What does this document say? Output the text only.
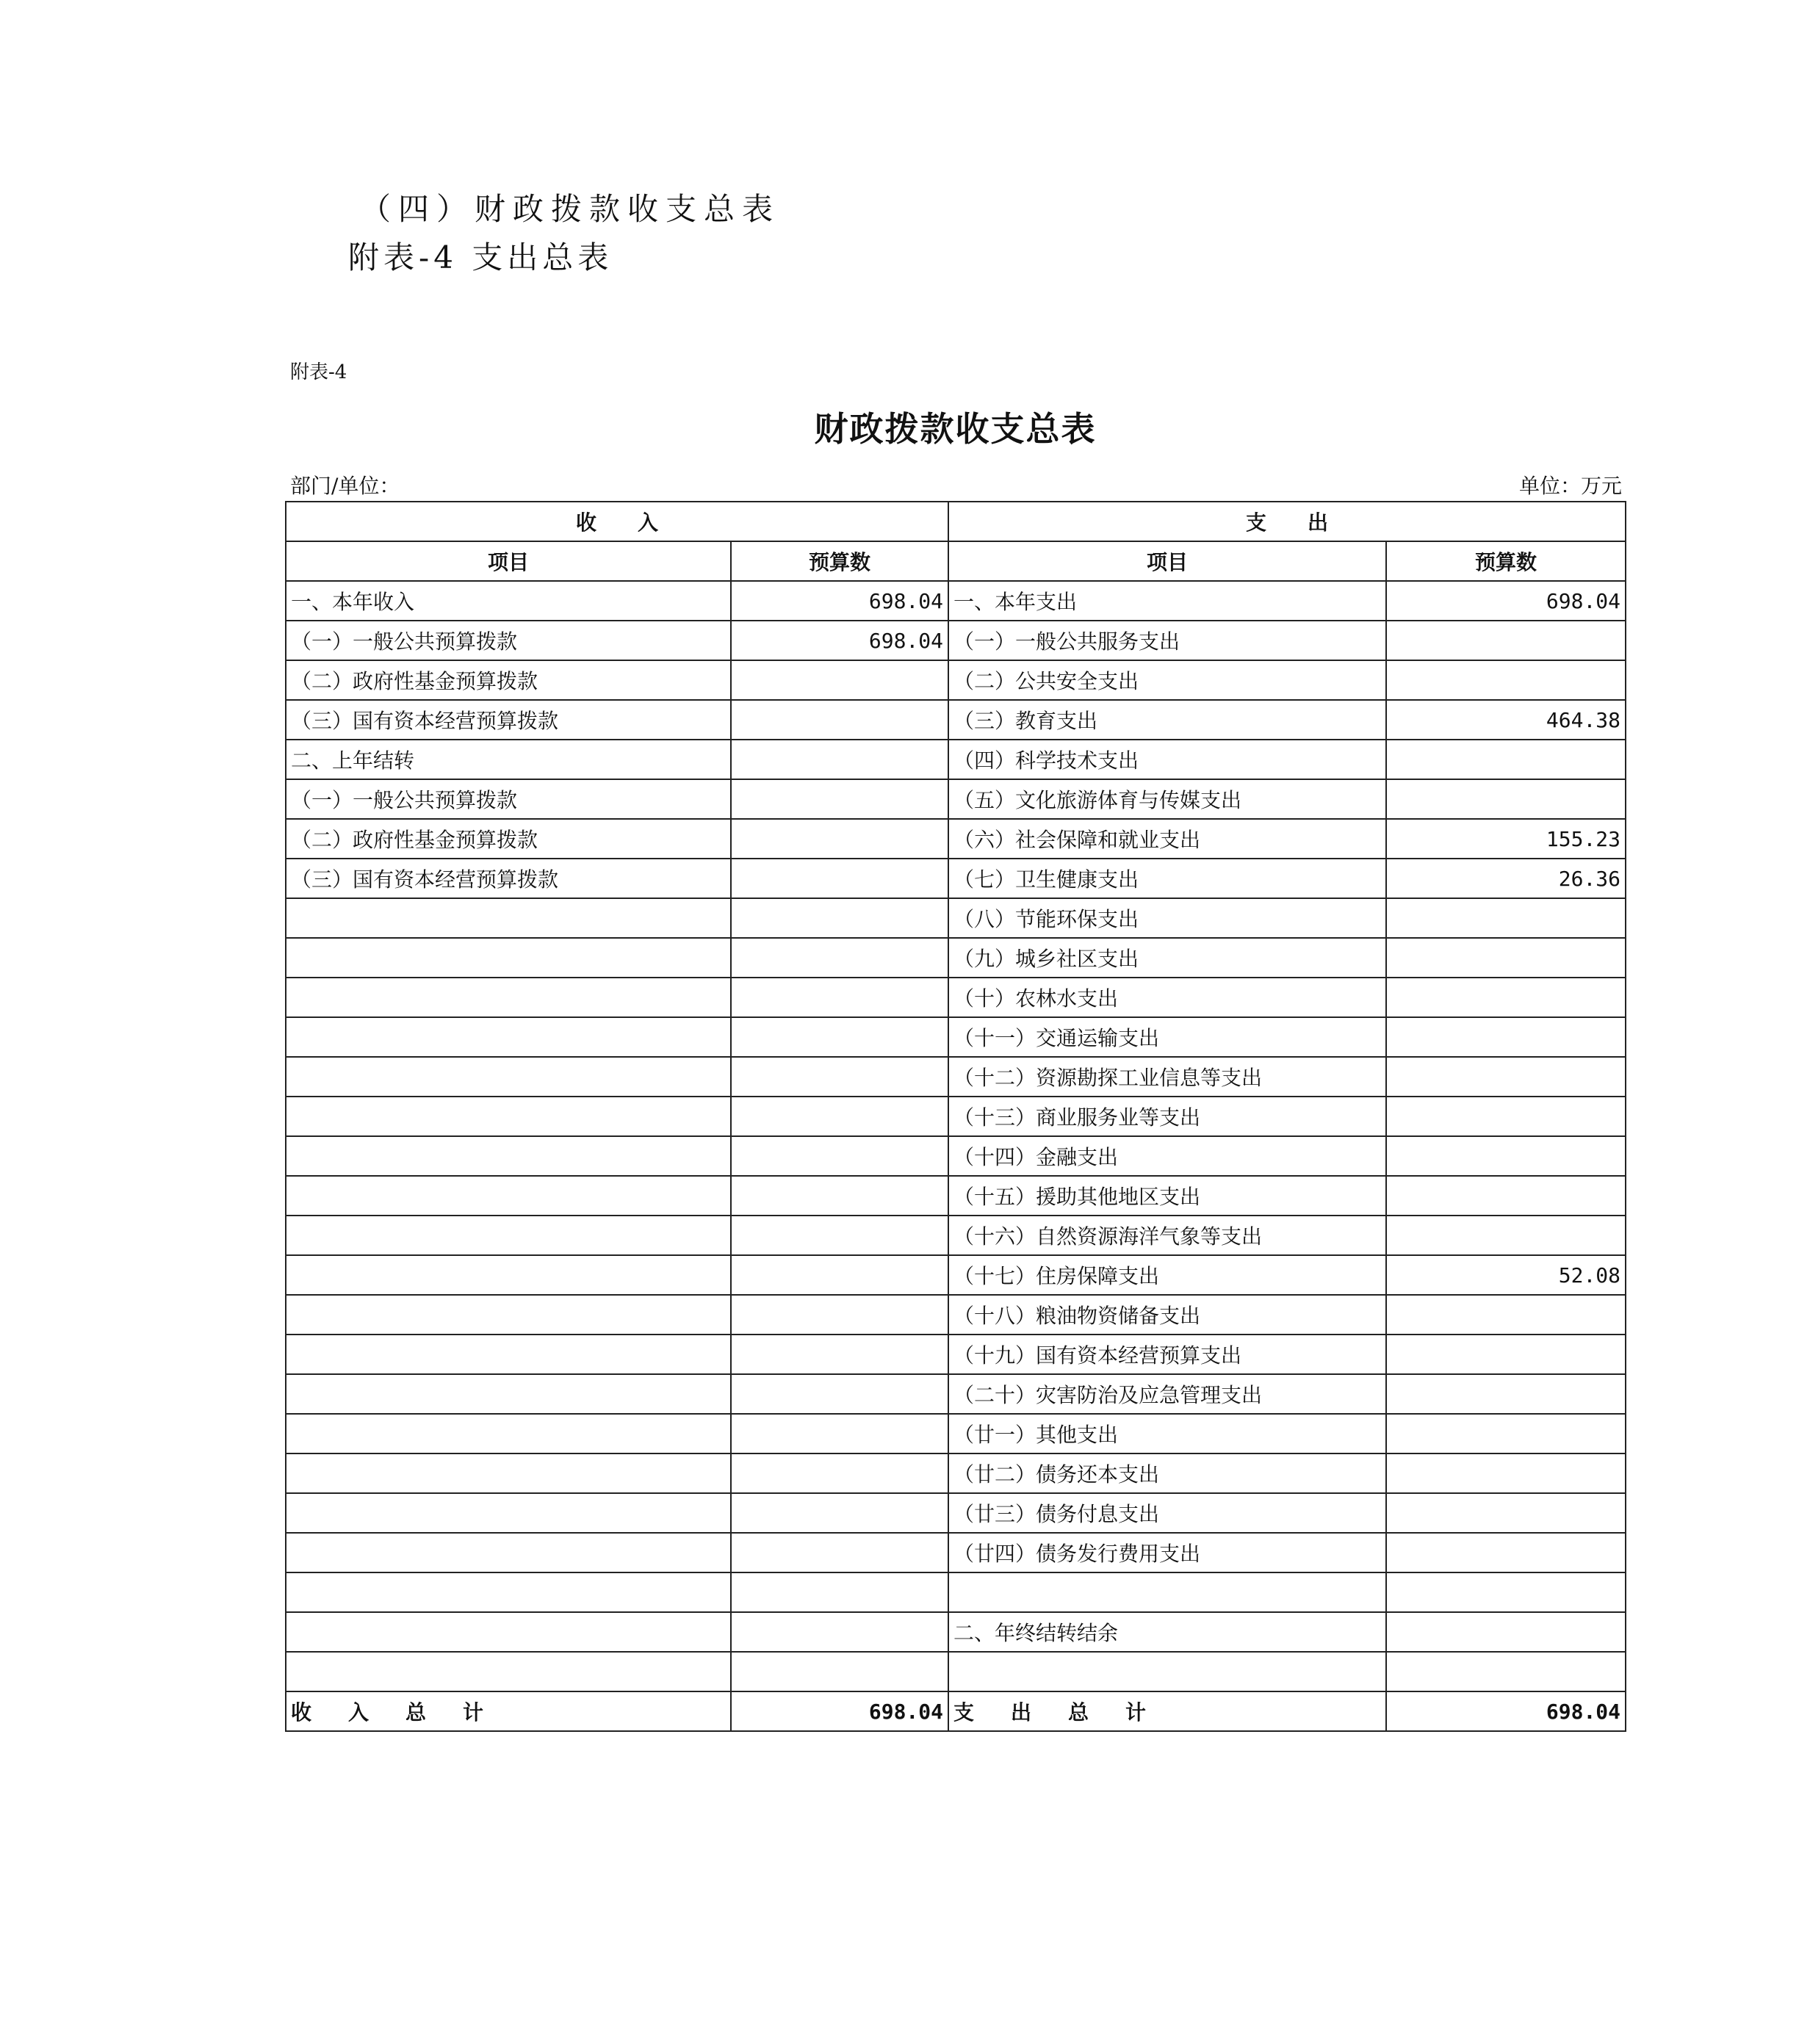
（四）财政拨款收支总表
附表-4 支出总表
附表-4
财政拨款收支总表
部门/单位：	单位：万元
收　　入		支　　出	
项目	预算数	项目	预算数
一、本年收入	698.04	一、本年支出	698.04
（一）一般公共预算拨款	698.04	（一）一般公共服务支出	
（二）政府性基金预算拨款		（二）公共安全支出	
（三）国有资本经营预算拨款		（三）教育支出	464.38
二、上年结转		（四）科学技术支出	
（一）一般公共预算拨款		（五）文化旅游体育与传媒支出	
（二）政府性基金预算拨款		（六）社会保障和就业支出	155.23
（三）国有资本经营预算拨款		（七）卫生健康支出	26.36
		（八）节能环保支出	
		（九）城乡社区支出	
		（十）农林水支出	
		（十一）交通运输支出	
		（十二）资源勘探工业信息等支出	
		（十三）商业服务业等支出	
		（十四）金融支出	
		（十五）援助其他地区支出	
		（十六）自然资源海洋气象等支出	
		（十七）住房保障支出	52.08
		（十八）粮油物资储备支出	
		（十九）国有资本经营预算支出	
		（二十）灾害防治及应急管理支出	
		（廿一）其他支出	
		（廿二）债务还本支出	
		（廿三）债务付息支出	
		（廿四）债务发行费用支出	

		二、年终结转结余	

收入总计	698.04	支出总计	698.04
